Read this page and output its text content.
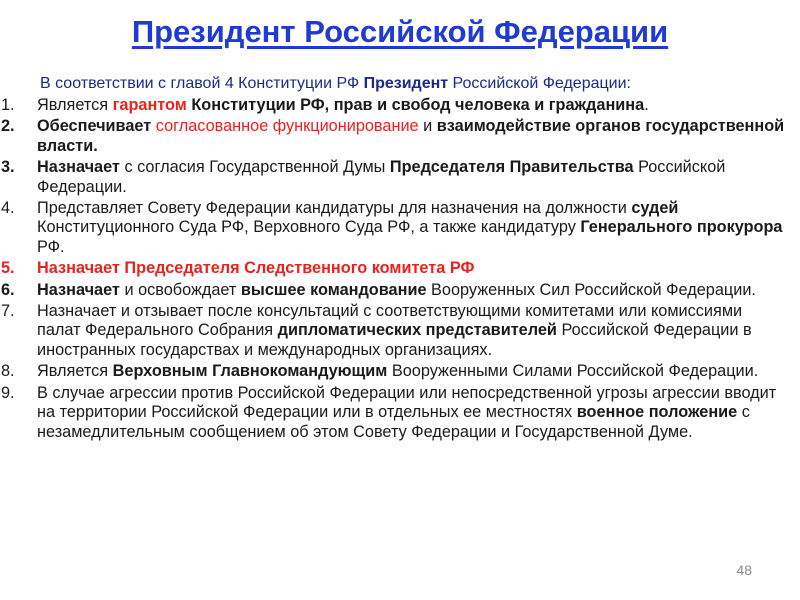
Президент Российской Федерации
В соответствии с главой 4 Конституции РФ Президент Российской Федерации:
1. Является гарантом Конституции РФ, прав и свобод человека и гражданина.
2. Обеспечивает согласованное функционирование и взаимодействие органов государственной власти.
3. Назначает с согласия Государственной Думы Председателя Правительства Российской Федерации.
4. Представляет Совету Федерации кандидатуры для назначения на должности судей Конституционного Суда РФ, Верховного Суда РФ, а также кандидатуру Генерального прокурора РФ.
5. Назначает Председателя Следственного комитета РФ
6. Назначает и освобождает высшее командование Вооруженных Сил Российской Федерации.
7. Назначает и отзывает после консультаций с соответствующими комитетами или комиссиями палат Федерального Собрания дипломатических представителей Российской Федерации в иностранных государствах и международных организациях.
8. Является Верховным Главнокомандующим Вооруженными Силами Российской Федерации.
9. В случае агрессии против Российской Федерации или непосредственной угрозы агрессии вводит на территории Российской Федерации или в отдельных ее местностях военное положение с незамедлительным сообщением об этом Совету Федерации и Государственной Думе.
48
